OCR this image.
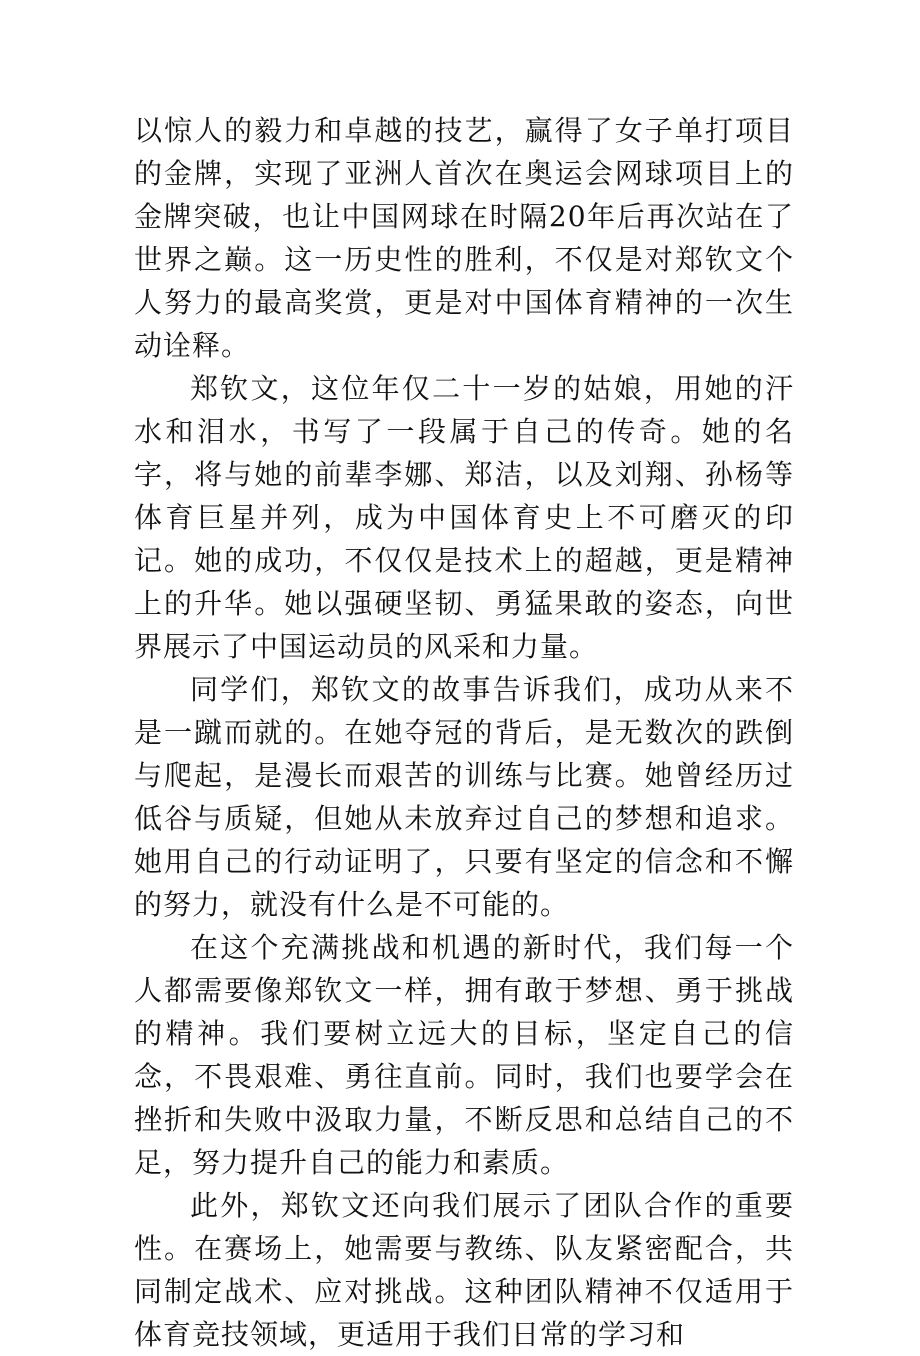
以惊人的毅力和卓越的技艺，赢得了女子单打项目的金牌，实现了亚洲人首次在奥运会网球项目上的金牌突破，也让中国网球在时隔20年后再次站在了世界之巅。这一历史性的胜利，不仅是对郑钦文个人努力的最高奖赏，更是对中国体育精神的一次生动诠释。

郑钦文，这位年仅二十一岁的姑娘，用她的汗水和泪水，书写了一段属于自己的传奇。她的名字，将与她的前辈李娜、郑洁，以及刘翔、孙杨等体育巨星并列，成为中国体育史上不可磨灭的印记。她的成功，不仅仅是技术上的超越，更是精神上的升华。她以强硬坚韧、勇猛果敢的姿态，向世界展示了中国运动员的风采和力量。

同学们，郑钦文的故事告诉我们，成功从来不是一蹴而就的。在她夺冠的背后，是无数次的跌倒与爬起，是漫长而艰苦的训练与比赛。她曾经历过低谷与质疑，但她从未放弃过自己的梦想和追求。她用自己的行动证明了，只要有坚定的信念和不懈的努力，就没有什么是不可能的。

在这个充满挑战和机遇的新时代，我们每一个人都需要像郑钦文一样，拥有敢于梦想、勇于挑战的精神。我们要树立远大的目标，坚定自己的信念，不畏艰难、勇往直前。同时，我们也要学会在挫折和失败中汲取力量，不断反思和总结自己的不足，努力提升自己的能力和素质。

此外，郑钦文还向我们展示了团队合作的重要性。在赛场上，她需要与教练、队友紧密配合，共同制定战术、应对挑战。这种团队精神不仅适用于体育竞技领域，更适用于我们日常的学习和
